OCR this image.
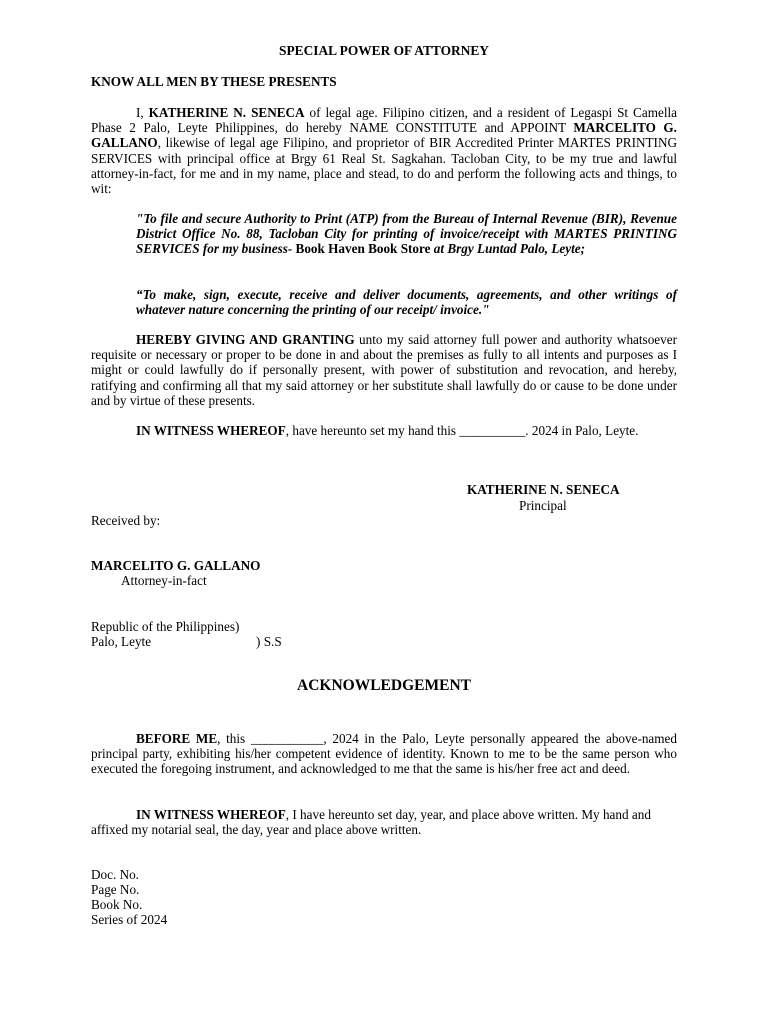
SPECIAL POWER OF ATTORNEY
KNOW ALL MEN BY THESE PRESENTS

I, KATHERINE N. SENECA of legal age. Filipino citizen, and a resident of Legaspi St Camella Phase 2 Palo, Leyte Philippines, do hereby NAME CONSTITUTE and APPOINT MARCELITO G. GALLANO, likewise of legal age Filipino, and proprietor of BIR Accredited Printer MARTES PRINTING SERVICES with principal office at Brgy 61 Real St. Sagkahan. Tacloban City, to be my true and lawful attorney-in-fact, for me and in my name, place and stead, to do and perform the following acts and things, to wit:

"To file and secure Authority to Print (ATP) from the Bureau of Internal Revenue (BIR), Revenue District Office No. 88, Tacloban City for printing of invoice/receipt with MARTES PRINTING SERVICES for my business- Book Haven Book Store at Brgy Luntad Palo, Leyte;

“To make, sign, execute, receive and deliver documents, agreements, and other writings of whatever nature concerning the printing of our receipt/ invoice."

HEREBY GIVING AND GRANTING unto my said attorney full power and authority whatsoever requisite or necessary or proper to be done in and about the premises as fully to all intents and purposes as I might or could lawfully do if personally present, with power of substitution and revocation, and hereby, ratifying and confirming all that my said attorney or her substitute shall lawfully do or cause to be done under and by virtue of these presents.

IN WITNESS WHEREOF, have hereunto set my hand this __________. 2024 in Palo, Leyte.

KATHERINE N. SENECA
Principal
Received by:
MARCELITO G. GALLANO
Attorney-in-fact
Republic of the Philippines)
Palo, Leyte	) S.S
ACKNOWLEDGEMENT

BEFORE ME, this ___________, 2024 in the Palo, Leyte personally appeared the above-named principal party, exhibiting his/her competent evidence of identity. Known to me to be the same person who executed the foregoing instrument, and acknowledged to me that the same is his/her free act and deed.

IN WITNESS WHEREOF, I have hereunto set day, year, and place above written. My hand and affixed my notarial seal, the day, year and place above written.

Doc. No.
Page No.
Book No.
Series of 2024
